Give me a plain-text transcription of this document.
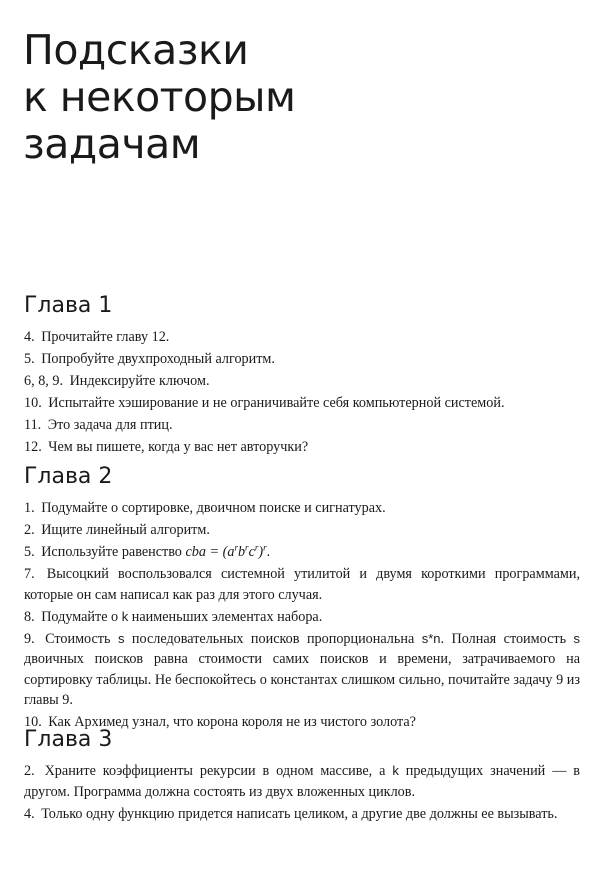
Подсказки
к некоторым
задачам
Глава 1

4. Прочитайте главу 12.

5. Попробуйте двухпроходный алгоритм.

6, 8, 9. Индексируйте ключом.

10. Испытайте хэширование и не ограничивайте себя компьютерной системой.

11. Это задача для птиц.

12. Чем вы пишете, когда у вас нет авторучки?

Глава 2

1. Подумайте о сортировке, двоичном поиске и сигнатурах.

2. Ищите линейный алгоритм.

5. Используйте равенство cba = $(a^rb^rc^r)^r$.

7. Высоцкий воспользовался системной утилитой и двумя короткими программами, которые он сам написал как раз для этого случая.

8. Подумайте о k наименьших элементах набора.

9. Стоимость s последовательных поисков пропорциональна s*n. Полная стоимость s двоичных поисков равна стоимости самих поисков и времени, затрачиваемого на сортировку таблицы. Не беспокойтесь о константах слишком сильно, почитайте задачу 9 из главы 9.

10. Как Архимед узнал, что корона короля не из чистого золота?

Глава 3

2. Храните коэффициенты рекурсии в одном массиве, а k предыдущих значений — в другом. Программа должна состоять из двух вложенных циклов.

4. Только одну функцию придется написать целиком, а другие две должны ее вызывать.
